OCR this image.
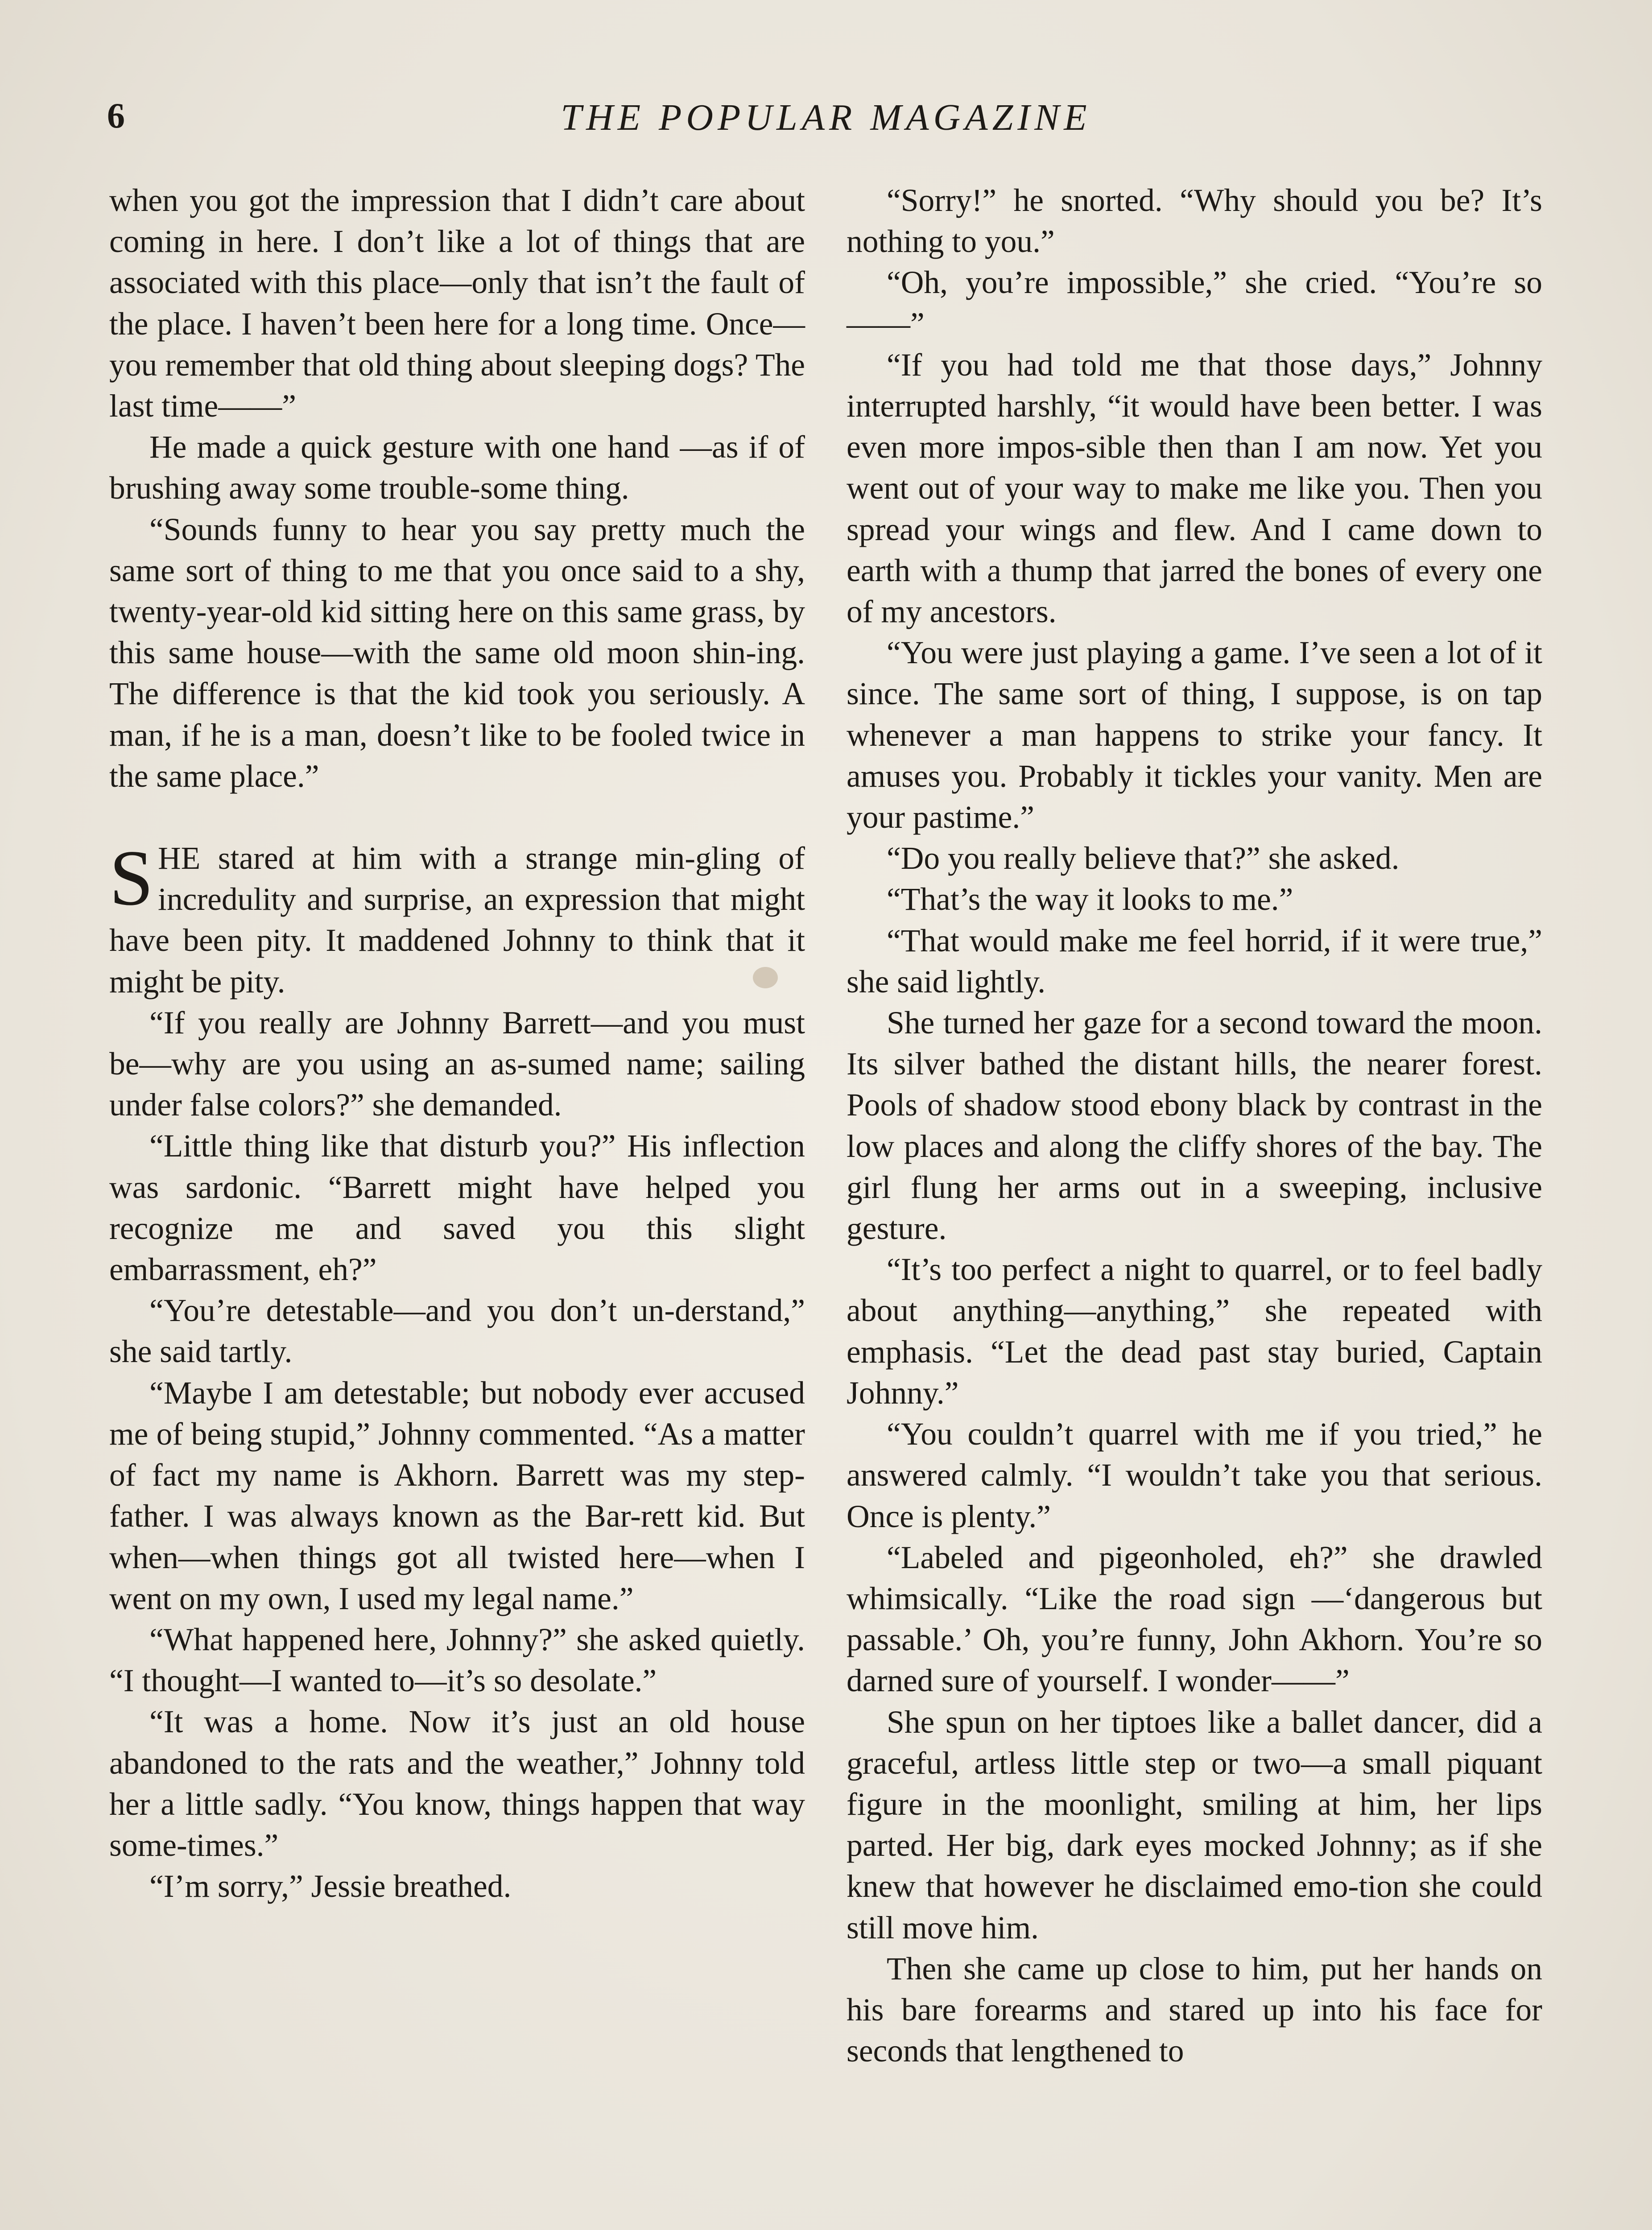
6	THE POPULAR MAGAZINE

when you got the impression that I didn’t care about coming in here. I don’t like a lot of things that are associated with this place—only that isn’t the fault of the place. I haven’t been here for a long time. Once—you remember that old thing about sleeping dogs? The last time——”

He made a quick gesture with one hand —as if of brushing away some trouble-some thing.

“Sounds funny to hear you say pretty much the same sort of thing to me that you once said to a shy, twenty-year-old kid sitting here on this same grass, by this same house—with the same old moon shin-ing. The difference is that the kid took you seriously. A man, if he is a man, doesn’t like to be fooled twice in the same place.”

SHE stared at him with a strange min-gling of incredulity and surprise, an expression that might have been pity. It maddened Johnny to think that it might be pity.

“If you really are Johnny Barrett—and you must be—why are you using an as-sumed name; sailing under false colors?” she demanded.

“Little thing like that disturb you?” His inflection was sardonic. “Barrett might have helped you recognize me and saved you this slight embarrassment, eh?”

“You’re detestable—and you don’t un-derstand,” she said tartly.

“Maybe I am detestable; but nobody ever accused me of being stupid,” Johnny commented. “As a matter of fact my name is Akhorn. Barrett was my step-father. I was always known as the Bar-rett kid. But when—when things got all twisted here—when I went on my own, I used my legal name.”

“What happened here, Johnny?” she asked quietly. “I thought—I wanted to—it’s so desolate.”

“It was a home. Now it’s just an old house abandoned to the rats and the weather,” Johnny told her a little sadly. “You know, things happen that way some-times.”

“I’m sorry,” Jessie breathed.

“Sorry!” he snorted. “Why should you be? It’s nothing to you.”

“Oh, you’re impossible,” she cried. “You’re so——”

“If you had told me that those days,” Johnny interrupted harshly, “it would have been better. I was even more impos-sible then than I am now. Yet you went out of your way to make me like you. Then you spread your wings and flew. And I came down to earth with a thump that jarred the bones of every one of my ancestors.

“You were just playing a game. I’ve seen a lot of it since. The same sort of thing, I suppose, is on tap whenever a man happens to strike your fancy. It amuses you. Probably it tickles your vanity. Men are your pastime.”

“Do you really believe that?” she asked.

“That’s the way it looks to me.”

“That would make me feel horrid, if it were true,” she said lightly.

She turned her gaze for a second toward the moon. Its silver bathed the distant hills, the nearer forest. Pools of shadow stood ebony black by contrast in the low places and along the cliffy shores of the bay. The girl flung her arms out in a sweeping, inclusive gesture.

“It’s too perfect a night to quarrel, or to feel badly about anything—anything,” she repeated with emphasis. “Let the dead past stay buried, Captain Johnny.”

“You couldn’t quarrel with me if you tried,” he answered calmly. “I wouldn’t take you that serious. Once is plenty.”

“Labeled and pigeonholed, eh?” she drawled whimsically. “Like the road sign —‘dangerous but passable.’ Oh, you’re funny, John Akhorn. You’re so darned sure of yourself. I wonder——”

She spun on her tiptoes like a ballet dancer, did a graceful, artless little step or two—a small piquant figure in the moonlight, smiling at him, her lips parted. Her big, dark eyes mocked Johnny; as if she knew that however he disclaimed emo-tion she could still move him.

Then she came up close to him, put her hands on his bare forearms and stared up into his face for seconds that lengthened to
